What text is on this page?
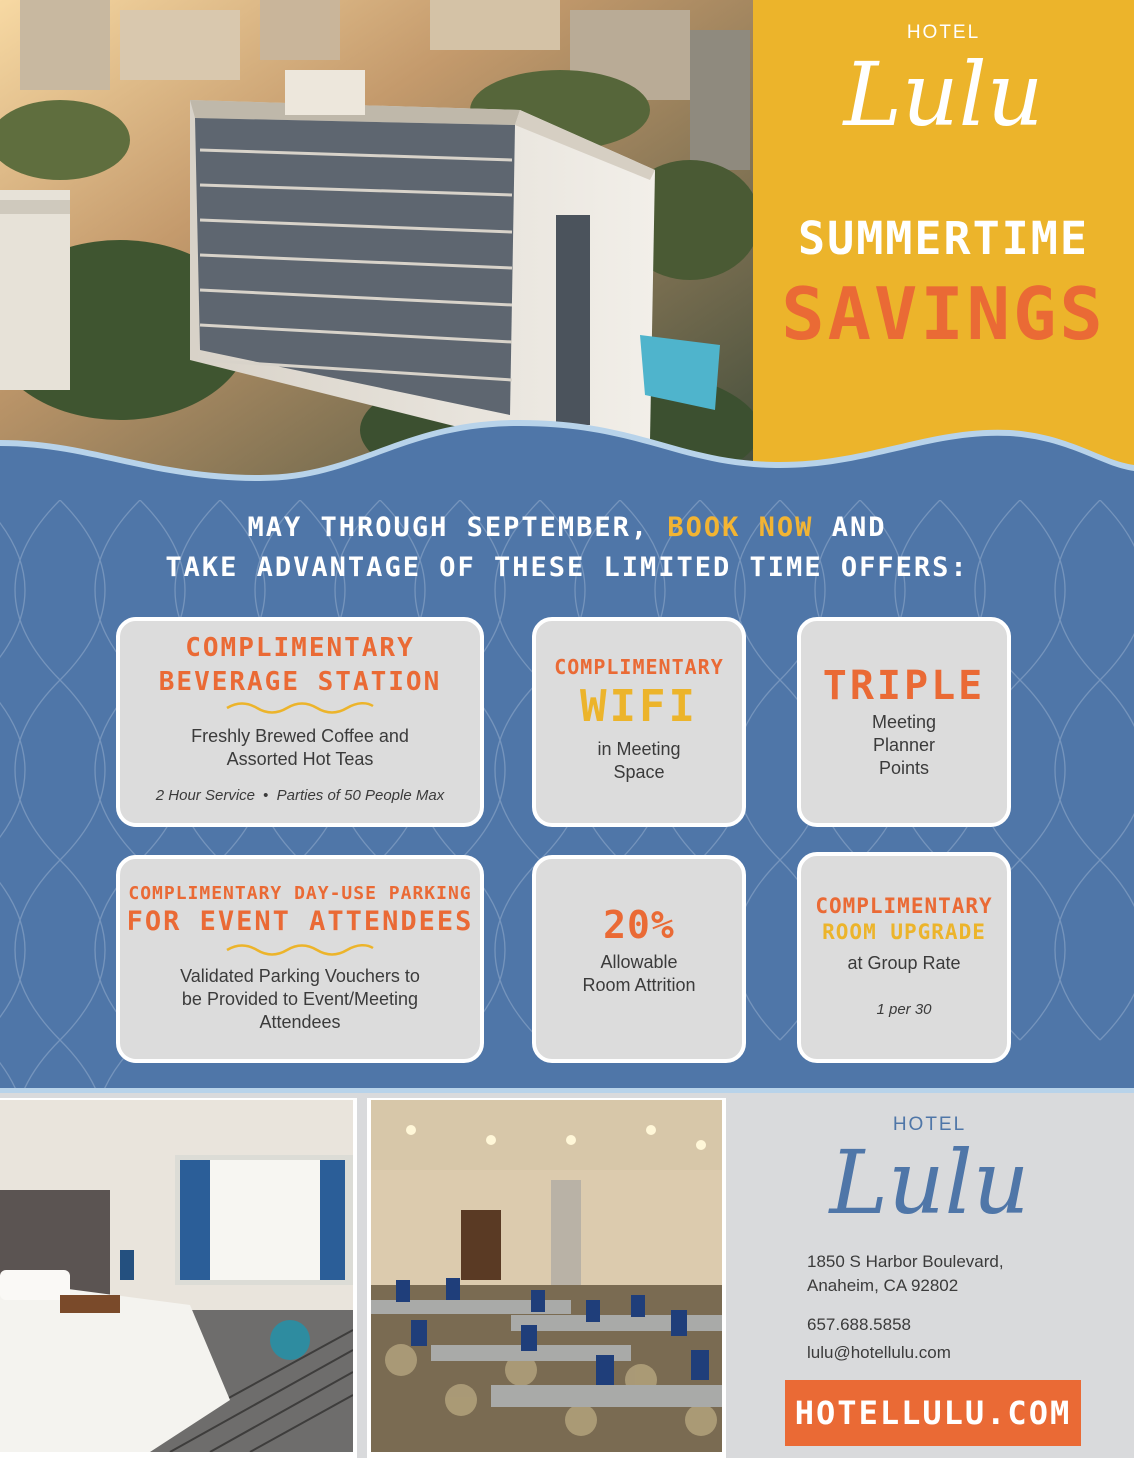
HOTEL
Lulu
SUMMERTIME
SAVINGS
MAY THROUGH SEPTEMBER, BOOK NOW AND
TAKE ADVANTAGE OF THESE LIMITED TIME OFFERS:
COMPLIMENTARY
BEVERAGE STATION
Freshly Brewed Coffee and
Assorted Hot Teas
2 Hour Service • Parties of 50 People Max
COMPLIMENTARY
WIFI
in Meeting
Space
TRIPLE
Meeting
Planner
Points
COMPLIMENTARY DAY-USE PARKING
FOR EVENT ATTENDEES
Validated Parking Vouchers to
be Provided to Event/Meeting
Attendees
20%
Allowable
Room Attrition
COMPLIMENTARY
ROOM UPGRADE
at Group Rate
1 per 30
HOTEL
Lulu
1850 S Harbor Boulevard,
Anaheim, CA 92802
657.688.5858
lulu@hotellulu.com
HOTELLULU.COM
